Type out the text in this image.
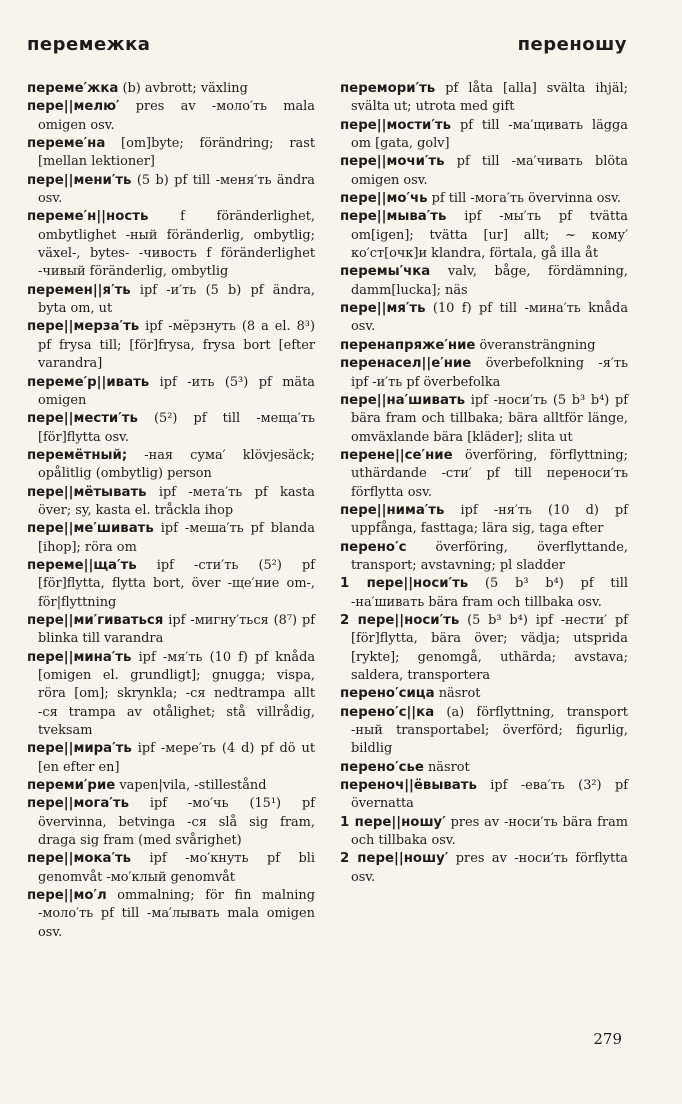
перемежка	переношу

переме′жка (b) avbrott; växling

пере||мелю′ pres av -моло′ть mala omigen osv.

переме′на [om]byte; förändring; rast [mellan lektioner]

пере||мени′ть (5 b) pf till -меня′ть ändra osv.

переме′н||ность f föränderlighet, ombytlighet -ный föränderlig, ombytlig; växel-, bytes- -чивость f föränderlighet -чивый föränderlig, ombytlig

перемен||я′ть ipf -и′ть (5 b) pf ändra, byta om, ut

пере||мерза′ть ipf -мёрзнуть (8 a el. 8³) pf frysa till; [för]frysa, frysa bort [efter varandra]

переме′р||ивать ipf -ить (5³) pf mäta omigen

пере||мести′ть (5²) pf till -меща′ть [för]flytta osv.

перемётный; -ная сума′ klövjesäck; opålitlig (ombytlig) person

пере||мётывать ipf -мета′ть pf kasta över; sy, kasta el. tråckla ihop

пере||ме′шивать ipf -меша′ть pf blanda [ihop]; röra om

переме||ща′ть ipf -сти′ть (5²) pf [för]flytta, flytta bort, över -ще′ние om-, för|flyttning

пере||ми′гиваться ipf -мигну′ться (8⁷) pf blinka till varandra

пере||мина′ть ipf -мя′ть (10 f) pf knåda [omigen el. grundligt]; gnugga; vispa, röra [om]; skrynkla; -ся nedtrampa allt -ся trampa av otålighet; stå villrådig, tveksam

пере||мира′ть ipf -мере′ть (4 d) pf dö ut [en efter en]

переми′рие vapen|vila, -stillestånd

пере||мога′ть ipf -мо′чь (15¹) pf övervinna, betvinga -ся slå sig fram, draga sig fram (med svårighet)

пере||мока′ть ipf -мо′кнуть pf bli genomvåt -мо′клый genomvåt

пере||мо′л ommalning; för fin malning -моло′ть pf till -ма′лывать mala omigen osv.

перемори′ть pf låta [alla] svälta ihjäl; svälta ut; utrota med gift

пере||мости′ть pf till -ма′щивать lägga om [gata, golv]

пере||мочи′ть pf till -ма′чивать blöta omigen osv.

пере||мо′чь pf till -мога′ть övervinna osv.

пере||мыва′ть ipf -мы′ть pf tvätta om[igen]; tvätta [ur] allt; ~ кому′ ко′ст[очк]и klandra, förtala, gå illa åt

перемы′чка valv, båge, fördämning, damm[lucka]; näs

пере||мя′ть (10 f) pf till -мина′ть knåda osv.

перенапряже′ние överansträngning

перенасел||е′ние överbefolkning -я′ть ipf -и′ть pf överbefolka

пере||на′шивать ipf -носи′ть (5 b³ b⁴) pf bära fram och tillbaka; bära alltför länge, omväxlande bära [kläder]; slita ut

перене||се′ние överföring, förflyttning; uthärdande -сти′ pf till переноси′ть förflytta osv.

пере||нима′ть ipf -ня′ть (10 d) pf uppfånga, fasttaga; lära sig, taga efter

перено′с överföring, överflyttande, transport; avstavning; pl sladder

1 пере||носи′ть (5 b³ b⁴) pf till -на′шивать bära fram och tillbaka osv.

2 пере||носи′ть (5 b³ b⁴) ipf -нести′ pf [för]flytta, bära över; vädja; utsprida [rykte]; genomgå, uthärda; avstava; saldera, transportera

перено′сица näsrot

перено′с||ка (a) förflyttning, transport -ный transportabel; överförd; figurlig, bildlig

перено′сье näsrot

переноч||ёвывать ipf -ева′ть (3²) pf övernatta

1 пере||ношу′ pres av -носи′ть bära fram och tillbaka osv.

2 пере||ношу′ pres av -носи′ть förflytta osv.

279
